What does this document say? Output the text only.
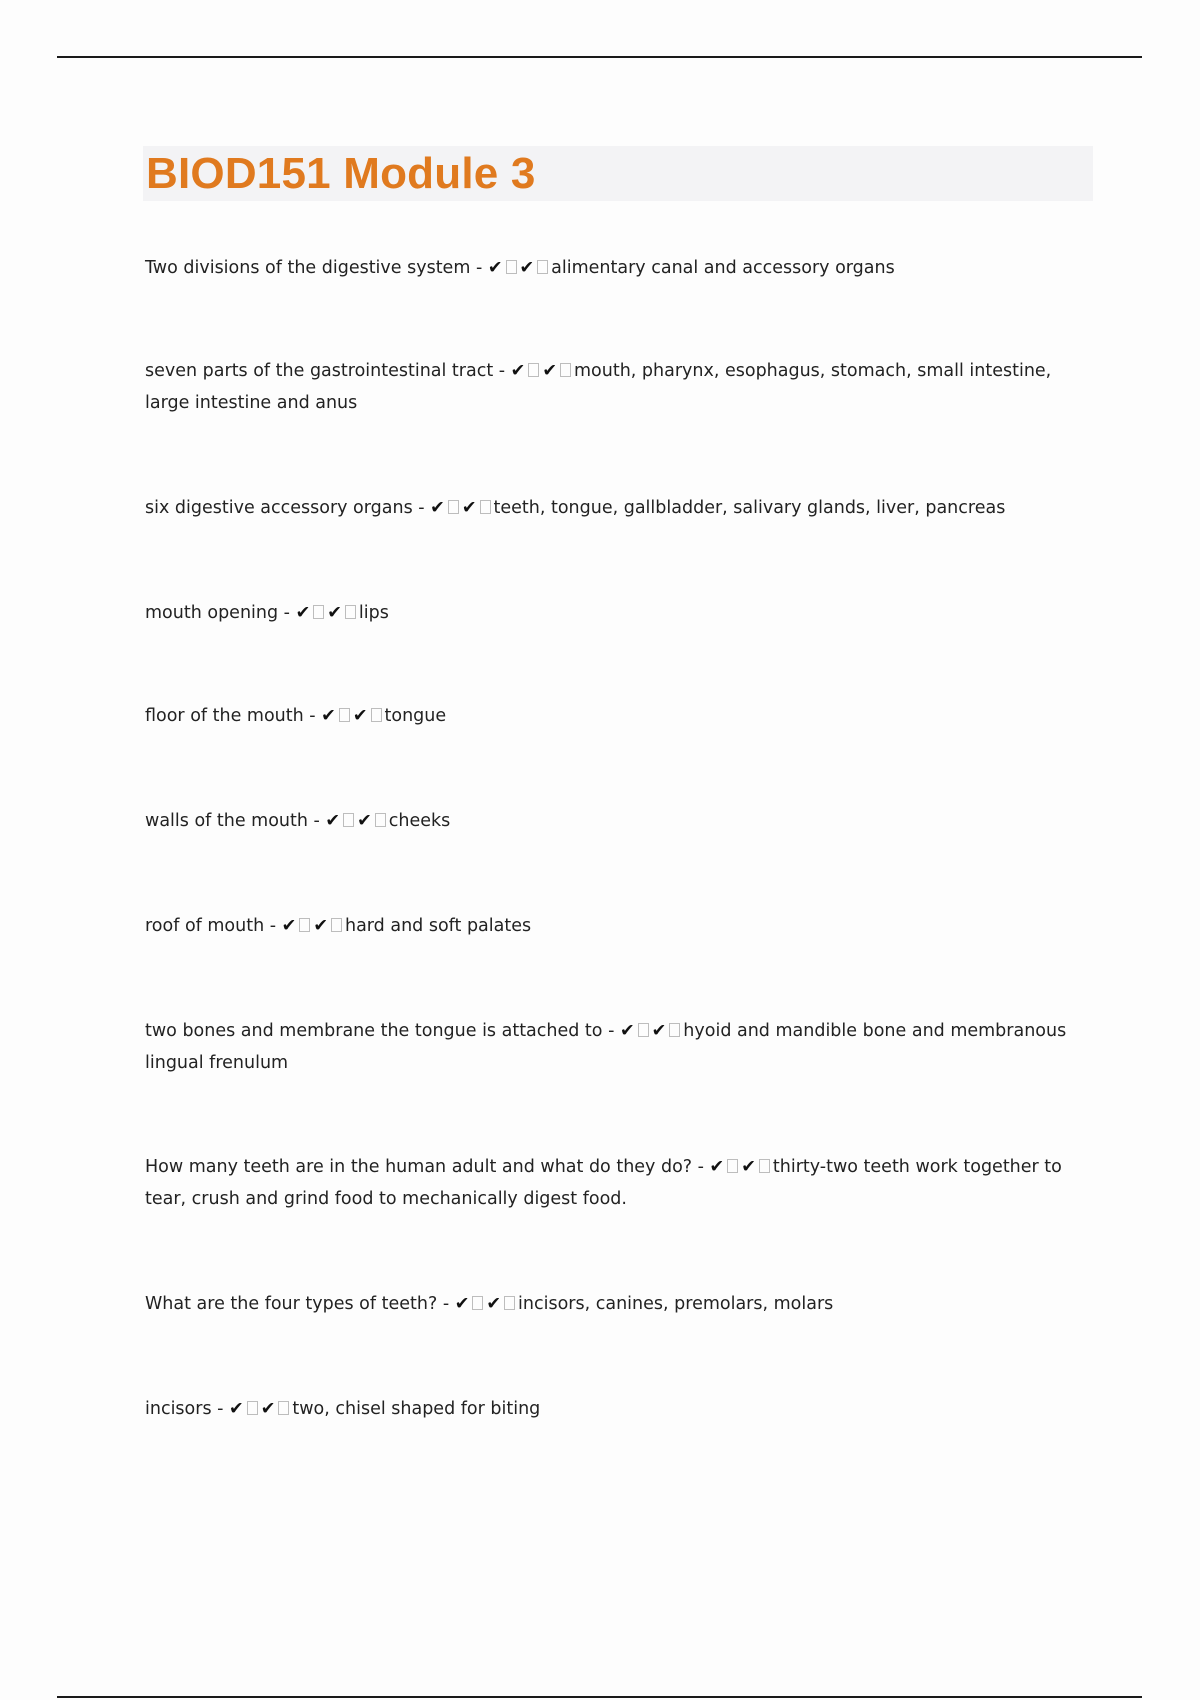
BIOD151 Module 3
Two divisions of the digestive system - ✔ ✔ alimentary canal and accessory organs
seven parts of the gastrointestinal tract - ✔ ✔ mouth, pharynx, esophagus, stomach, small intestine, large intestine and anus
six digestive accessory organs - ✔ ✔ teeth, tongue, gallbladder, salivary glands, liver, pancreas
mouth opening - ✔ ✔ lips
floor of the mouth - ✔ ✔ tongue
walls of the mouth - ✔ ✔ cheeks
roof of mouth - ✔ ✔ hard and soft palates
two bones and membrane the tongue is attached to - ✔ ✔ hyoid and mandible bone and membranous lingual frenulum
How many teeth are in the human adult and what do they do? - ✔ ✔ thirty-two teeth work together to tear, crush and grind food to mechanically digest food.
What are the four types of teeth? - ✔ ✔ incisors, canines, premolars, molars
incisors - ✔ ✔ two, chisel shaped for biting
